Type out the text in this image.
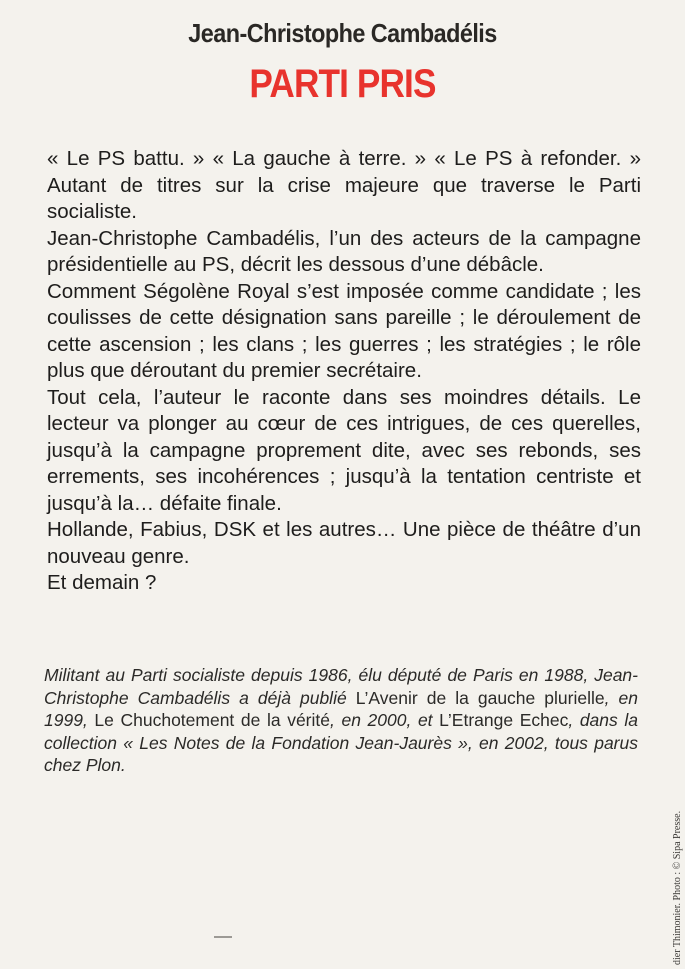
Jean-Christophe Cambadélis
PARTI PRIS

« Le PS battu. » « La gauche à terre. » « Le PS à refonder. » Autant de titres sur la crise majeure que traverse le Parti socialiste.

Jean-Christophe Cambadélis, l’un des acteurs de la campagne présidentielle au PS, décrit les dessous d’une débâcle.

Comment Ségolène Royal s’est imposée comme candidate ; les coulisses de cette désignation sans pareille ; le déroulement de cette ascension ; les clans ; les guerres ; les stratégies ; le rôle plus que déroutant du premier secrétaire.

Tout cela, l’auteur le raconte dans ses moindres détails. Le lecteur va plonger au cœur de ces intrigues, de ces querelles, jusqu’à la campagne proprement dite, avec ses rebonds, ses errements, ses incohérences ; jusqu’à la tentation centriste et jusqu’à la… défaite finale.

Hollande, Fabius, DSK et les autres… Une pièce de théâtre d’un nouveau genre.

Et demain ?

Militant au Parti socialiste depuis 1986, élu député de Paris en 1988, Jean-Christophe Cambadélis a déjà publié L’Avenir de la gauche plurielle, en 1999, Le Chuchotement de la vérité, en 2000, et L’Etrange Echec, dans la collection « Les Notes de la Fondation Jean-Jaurès », en 2002, tous parus chez Plon.
dier Thimonier. Photo : © Sipa Presse.
